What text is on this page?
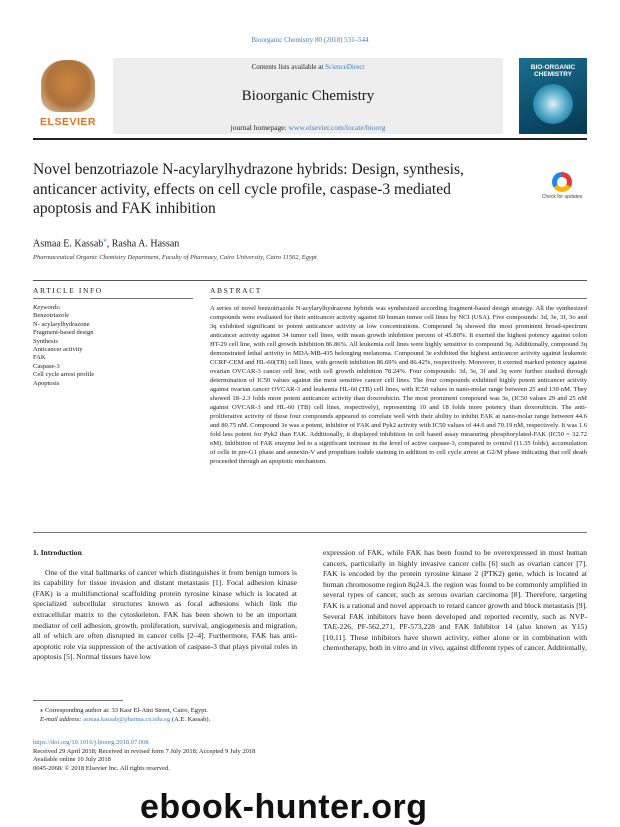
Bioorganic Chemistry 80 (2018) 531–544
ELSEVIER
Contents lists available at ScienceDirect
Bioorganic Chemistry
journal homepage: www.elsevier.com/locate/bioorg
BIO-ORGANIC CHEMISTRY
Novel benzotriazole N-acylarylhydrazone hybrids: Design, synthesis, anticancer activity, effects on cell cycle profile, caspase-3 mediated apoptosis and FAK inhibition
Check for updates
Asmaa E. Kassab⁎, Rasha A. Hassan
Pharmaceutical Organic Chemistry Department, Faculty of Pharmacy, Cairo University, Cairo 11562, Egypt
ARTICLE INFO	ABSTRACT
Keywords:
Benzotriazole
N- acylarylhydrazone
Fragment-based design
Synthesis
Anticancer activity
FAK
Caspase-3
Cell cycle arrest profile
Apoptosis

A series of novel benzotriazole N-acylarylhydrazone hybrids was synthesized according fragment-based design strategy. All the synthesized compounds were evaluated for their anticancer activity against 60 human tumor cell lines by NCI (USA). Five compounds: 3d, 3e, 3f, 3o and 3q exhibited significant to potent anticancer activity at low concentrations. Compound 3q showed the most prominent broad-spectrum anticancer activity against 34 tumor cell lines, with mean growth inhibition percent of 45.80%. It exerted the highest potency against colon HT-29 cell line, with cell growth inhibition 86.86%. All leukemia cell lines were highly sensitive to compound 3q. Additionally, compound 3q demonstrated lethal activity to MDA-MB-435 belonging melanoma. Compound 3e exhibited the highest anticancer activity against leukemic CCRF-CEM and HL-60(TB) cell lines, with growth inhibition 86.69% and 86.42%, respectively. Moreover, it exerted marked potency against ovarian OVCAR-3 cancer cell line, with cell growth inhibition 78.24%. Four compounds: 3d, 3e, 3f and 3q were further studied through determination of IC50 values against the most sensitive cancer cell lines. The four compounds exhibited highly potent anticancer activity against ovarian cancer OVCAR-3 and leukemia HL-60 (TB) cell lines, with IC50 values in nano-molar range between 25 and 130 nM. They showed 18–2.3 folds more potent anticancer activity than doxorubicin. The most prominent compound was 3e, (IC50 values 29 and 25 nM against OVCAR-3 and HL-60 (TB) cell lines, respectively), representing 10 and 18 folds more potency than doxorubicin. The anti-proliferative activity of these four compounds appeared to correlate well with their ability to inhibit FAK at nano-molar range between 44.6 and 80.75 nM. Compound 3e was a potent, inhibitor of FAK and Pyk2 activity with IC50 values of 44.6 and 70.19 nM, respectively. It was 1.6 fold less potent for Pyk2 than FAK. Additionally, it displayed inhibition in cell based assay measuring phosphorylated-FAK (IC50 = 32.72 nM). Inhibition of FAK enzyme led to a significant increase in the level of active caspase-3, compared to control (11.35 folds), accumulation of cells in pre-G1 phase and annexin-V and propidium iodide staining in addition to cell cycle arrest at G2/M phase indicating that cell death proceeded through an apoptotic mechanism.

1. Introduction

One of the vital hallmarks of cancer which distinguishes it from benign tumors is its capability for tissue invasion and distant metastasis [1]. Focal adhesion kinase (FAK) is a multifunctional scaffolding protein tyrosine kinase which is located at specialized subcellular structures known as focal adhesions which link the extracellular matrix to the cytoskeleton. FAK has been shown to be an important mediator of cell adhesion, growth, proliferation, survival, angiogenesis and migration, all of which are often disrupted in cancer cells [2–4]. Furthermore, FAK has anti-apoptotic role via suppression of the activation of caspase-3 that plays pivotal roles in apoptosis [5]. Normal tissues have low

expression of FAK, while FAK has been found to be overexpressed in most human cancers, particularly in highly invasive cancer cells [6] such as ovarian cancer [7]. FAK is encoded by the protein tyrosine kinase 2 (PTK2) gene, which is located at human chromosome region 8q24.3. the region was found to be commonly amplified in several types of cancer, such as serous ovarian carcinoma [8]. Therefore, targeting FAK is a rational and novel approach to retard cancer growth and block metastasis [9]. Several FAK inhibitors have been developed and reported recently, such as NVP-TAE-226, PF-562,271, PF-573,228 and FAK Inhibitor 14 (also known as Y15) [10,11]. These inhibitors have shown activity, either alone or in combination with chemotherapy, both in vitro and in vivo, against different types of cancer. Additionally,

⁎ Corresponding author at: 33 Kasr El-Aini Street, Cairo, Egypt.
E-mail address: asmaa.kassab@pharma.cu.edu.eg (A.E. Kassab).
https://doi.org/10.1016/j.bioorg.2018.07.008
Received 29 April 2018; Received in revised form 7 July 2018; Accepted 9 July 2018
Available online 10 July 2018
0045-2068/ © 2018 Elsevier Inc. All rights reserved.
ebook-hunter.org
